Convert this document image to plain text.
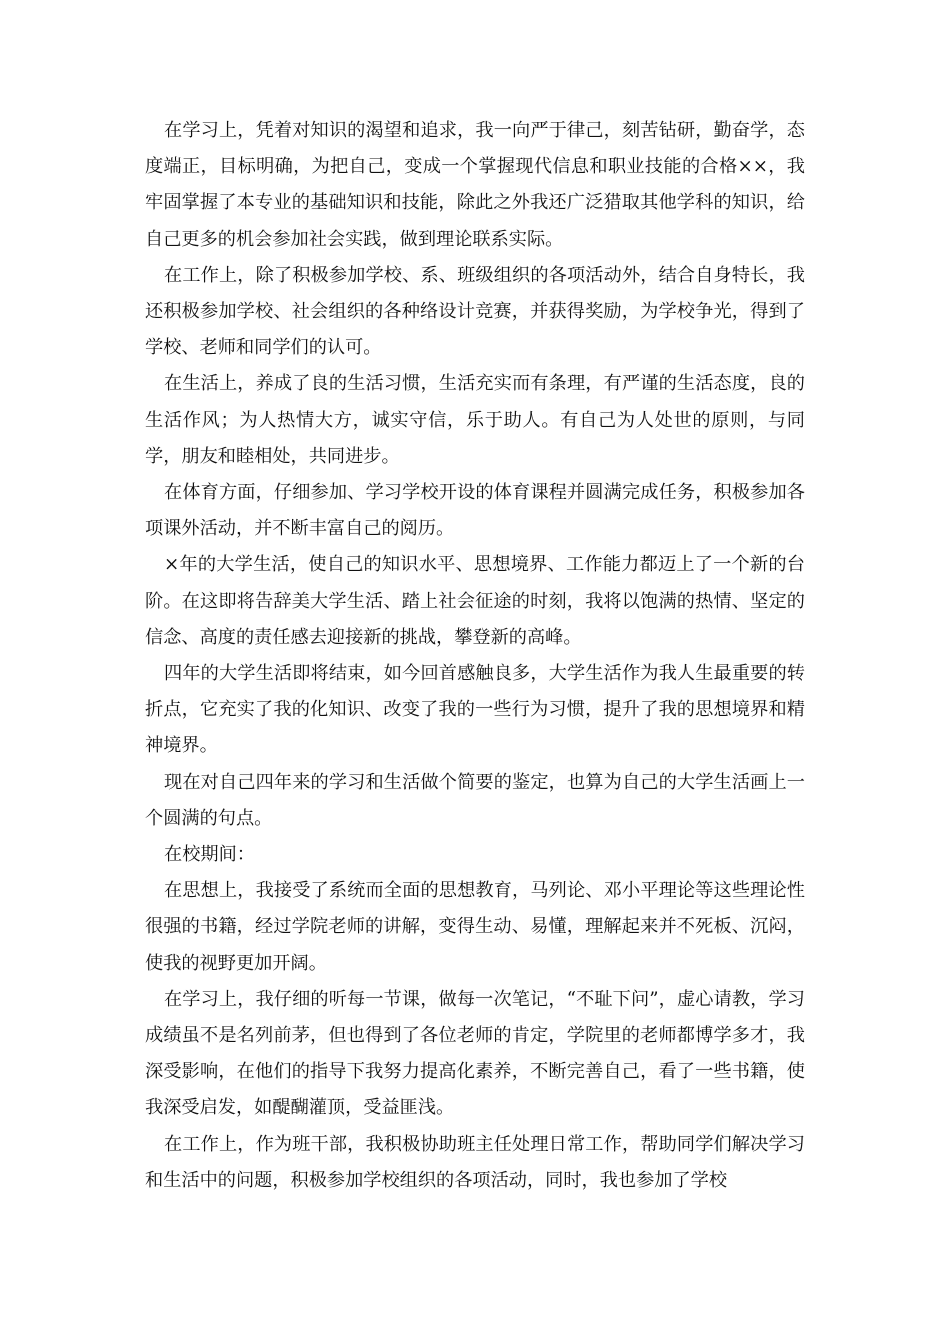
在学习上，凭着对知识的渴望和追求，我一向严于律己，刻苦钻研，勤奋学，态度端正，目标明确，为把自己，变成一个掌握现代信息和职业技能的合格××，我牢固掌握了本专业的基础知识和技能，除此之外我还广泛猎取其他学科的知识，给自己更多的机会参加社会实践，做到理论联系实际。

在工作上，除了积极参加学校、系、班级组织的各项活动外，结合自身特长，我还积极参加学校、社会组织的各种络设计竞赛，并获得奖励，为学校争光，得到了学校、老师和同学们的认可。

在生活上，养成了良的生活习惯，生活充实而有条理，有严谨的生活态度，良的生活作风；为人热情大方，诚实守信，乐于助人。有自己为人处世的原则，与同学，朋友和睦相处，共同进步。

在体育方面，仔细参加、学习学校开设的体育课程并圆满完成任务，积极参加各项课外活动，并不断丰富自己的阅历。

×年的大学生活，使自己的知识水平、思想境界、工作能力都迈上了一个新的台阶。在这即将告辞美大学生活、踏上社会征途的时刻，我将以饱满的热情、坚定的信念、高度的责任感去迎接新的挑战，攀登新的高峰。

四年的大学生活即将结束，如今回首感触良多，大学生活作为我人生最重要的转折点，它充实了我的化知识、改变了我的一些行为习惯，提升了我的思想境界和精神境界。

现在对自己四年来的学习和生活做个简要的鉴定，也算为自己的大学生活画上一个圆满的句点。

在校期间：

在思想上，我接受了系统而全面的思想教育，马列论、邓小平理论等这些理论性很强的书籍，经过学院老师的讲解，变得生动、易懂，理解起来并不死板、沉闷，使我的视野更加开阔。

在学习上，我仔细的听每一节课，做每一次笔记，“不耻下问”，虚心请教，学习成绩虽不是名列前茅，但也得到了各位老师的肯定，学院里的老师都博学多才，我深受影响，在他们的指导下我努力提高化素养，不断完善自己，看了一些书籍，使我深受启发，如醍醐灌顶，受益匪浅。

在工作上，作为班干部，我积极协助班主任处理日常工作，帮助同学们解决学习和生活中的问题，积极参加学校组织的各项活动，同时，我也参加了学校
